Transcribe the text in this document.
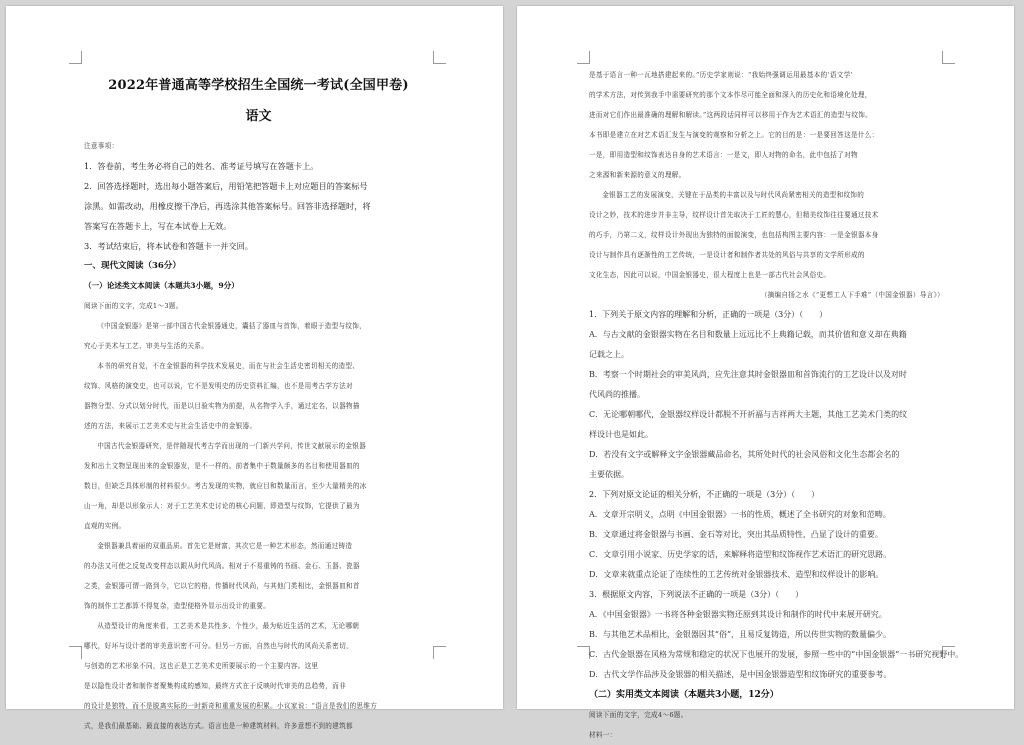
2022年普通高等学校招生全国统一考试(全国甲卷)
语文
注意事项：
1．答卷前，考生务必将自己的姓名、准考证号填写在答题卡上。
2．回答选择题时，选出每小题答案后，用铅笔把答题卡上对应题目的答案标号
涂黑。如需改动，用橡皮擦干净后，再选涂其他答案标号。回答非选择题时，将
答案写在答题卡上，写在本试卷上无效。
3．考试结束后，将本试卷和答题卡一并交回。
一、现代文阅读（36分）
（一）论述类文本阅读（本题共3小题，9分）
阅读下面的文字，完成1～3题。
《中国金银器》是第一部中国古代金银器通史，囊括了器皿与首饰，着眼于造型与纹饰，
究心于美术与工艺、审美与生活的关系。
本书的研究自觉，不在金银器的科学技术发展史，而在与社会生活史密切相关的造型、
纹饰、风格的演变史，也可以说，它不是发明史的历史资料汇编，也不是用考古学方法对
器物分型、分式以划分时代，而是以目验实物为前提，从名物学入手，通过定名，以器物描
述的方法，来展示工艺美术史与社会生活史中的金银器。
中国古代金银器研究，是伴随现代考古学而出现的一门新兴学问，传世文献展示的金银器
发和出土文物呈现出来的金银器发，是不一样的。前者集中于数量颇多的名目和使用器皿的
数目，但缺乏具体形制的材料很少。考古发现的实物，就应目和数量而言，至少大量精美的冰
山一角，却是以形象示人：对于工艺美术史讨论的核心问题，即造型与纹饰，它提供了最为
直观的实例。
金银器兼具着丽的双重品质。首先它是财富，其次它是一种艺术形态，然而通过铸造
的办法又可使之反复改变样态以跟从时代风尚。相对于不易重铸的书画、金石、玉器、瓷器
之类，金银器可谓一路到今，它以它的格，传播时代风尚，与其他门类相比，金银器皿和首
饰的制作工艺都算不得复杂，造型便格外显示出设计的重要。
从造型设计的角度来看，工艺美术是共性多、个性少，最为贴近生活的艺术，无论哪朝
哪代，好坏与设计者的审美意识密不可分。但另一方面，自然也与时代的风尚关系密切，
与创造的艺术形象不同，这也正是工艺美术史所要展示的一个主要内容。这里
是以隐性设计者和制作者聚集构成的感知，最终方式在于反映时代审美的总趋势，而非
的设计是独特、而不是脱离实际的一时新奇和重重发展的积累。小议家说：“语言是我们的思维方
式，是我们最基础、最直接的表达方式。语言也是一种建筑材料，许多意想不到的建筑都
是基于语言一种一瓦地搭建起来的。”历史学家则说：“我始终强调运用最基本的‘语文学’
的学术方法，对传到我手中需要研究的那个文本作尽可能全面和深入的历史化和语境化处理，
进而对它们作出最准确的理解和解读。”这两段话同样可以移用于作为艺术语汇的造型与纹饰。
本书即是建立在对艺术语汇发生与演变的观察和分析之上。它的目的是：一是要回答这是什么：
一是，即用造型和纹饰表达自身的艺术语言：一是文，即人对物的命名，此中包括了对物
之来源和新来源的意义的理解。
金银器工艺的发展演变，关键在于品类的丰富以及与时代风尚紧密相关的造型和纹饰的
设计之妙，技术的进步并非主导，纹样设计首先取决于工匠的慧心，但精美纹饰往往要通过技术
的巧手，乃第二义，纹样设计外现出为独特的面貌演变，也包括构图主要内容：一是金银器本身
设计与制作具有逐渐性的工艺传统，一是设计者和制作者共处的风俗与共享的文学所形成的
文化生态，因此可以说，中国金银器史，很大程度上也是一部古代社会风俗史。
（摘编自扬之水《“更想工人下手难”（中国金银器）导言》）
1．下列关于原文内容的理解和分析，正确的一项是（3分）（　　）
A．与古文献的金银器实物在名目和数量上远远比不上典籍记载，而其价值和意义却在典籍
记载之上。
B．考察一个时期社会的审美风尚，应先注意其时金银器皿和首饰流行的工艺设计以及对时
代风尚的推播。
C．无论哪朝哪代，金银器纹样设计都脱不开祈福与吉祥两大主题，其他工艺美术门类的纹
样设计也是如此。
D．若没有文字或解释文字金银器藏品命名，其所处时代的社会风俗和文化生态都会名的
主要依据。
2．下列对原文论证的相关分析，不正确的一项是（3分）（　　）
A．文章开宗明义，点明《中国金银器》一书的性质，概述了全书研究的对象和范畴。
B．文章通过将金银器与书画、金石等对比，突出其品质特性，凸显了设计的重要。
C．文章引用小说家、历史学家的话，来解释将造型和纹饰视作艺术语汇的研究思路。
D．文章来就重点论证了连续性的工艺传统对金银器技术、造型和纹样设计的影响。
3．根据原文内容，下列说法不正确的一项是（3分）（　　）
A．《中国金银器》一书将各种金银器实物还原到其设计和制作的时代中来展开研究。
B．与其他艺术品相比，金银器因其“俗”，且易反复铸造，所以传世实物的数量偏少。
C．古代金银器在风格为常规和稳定的状况下也展开的发展，参照一些中的“中国金银器”一书研究视野中。
D．古代文学作品涉及金银器的相关描述，是中国金银器造型和纹饰研究的重要参考。
（二）实用类文本阅读（本题共3小题，12分）
阅读下面的文字，完成4～6题。
材料一：
